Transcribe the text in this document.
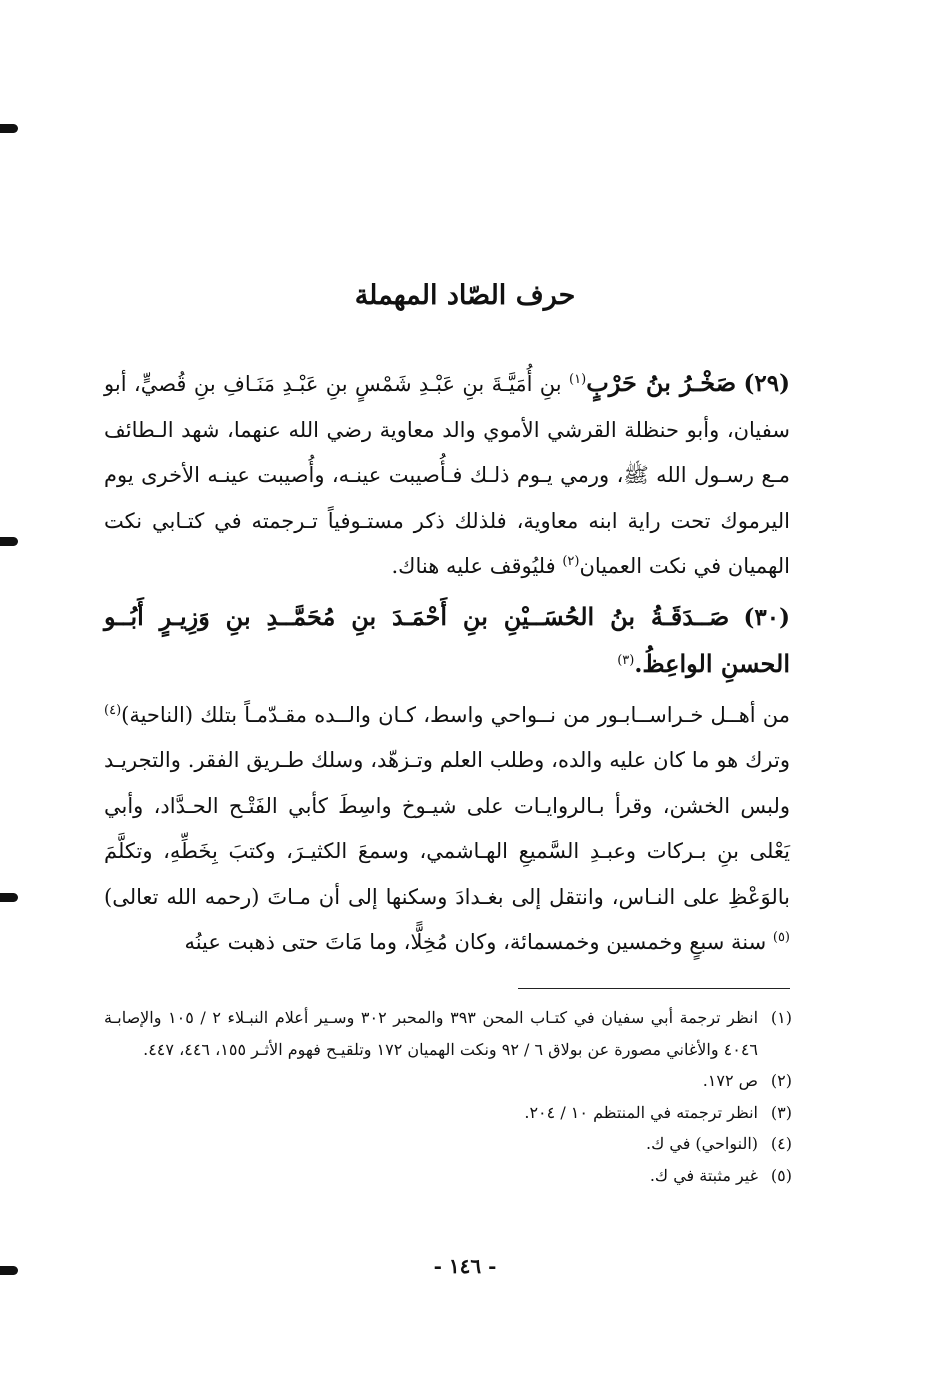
حرف الصّاد المهملة

(٢٩) صَخْـرُ بنُ حَرْبٍ$^{(١)}$ بنِ أُمَيَّـةَ بنِ عَبْـدِ شَمْسٍ بنِ عَبْـدِ مَنَـافِ بنِ قُصيٍّ، أبو سفيان، وأبو حنظلة القرشي الأموي والد معاوية رضي الله عنهما، شهد الـطائف مـع رسـول الله ﷺ، ورمي يـوم ذلـك فـأُصيبت عينـه، وأُصيبت عينـه الأخرى يوم اليرموك تحت راية ابنه معاوية، فلذلك ذكر مستـوفياً تـرجمته في كتـابي نكت الهميان في نكت العميان$^{(٢)}$ فليُوقف عليه هناك.

(٣٠) صَــدَقَـةُ بنُ الحُسَــيْنِ بنِ أَحْمَـدَ بنِ مُحَمَّــدِ بنِ وَزِيـرٍ أَبُــو الحسنِ الواعِظُ.$^{(٣)}$

من أهــل خـراســابـور من نــواحي واسط، كـان والــده مقـدّمـاً بتلك (الناحية)$^{(٤)}$ وترك هو ما كان عليه والده، وطلب العلم وتـزهّد، وسلك طـريق الفقر. والتجريـد ولبس الخشن، وقرأ بـالروايـات على شيـوخ واسِطَ كأبي الفَتْـح الحـدَّاد، وأبي يَعْلى بنِ بـركات وعبـدِ السَّميعِ الهـاشمي، وسمعَ الكثيـرَ، وكتبَ بِخَطِّهِ، وتكلَّمَ بالوَعْظِ على النـاس، وانتقل إلى بغـدادَ وسكنها إلى أن مـاتَ (رحمه الله تعالى)$^{(٥)}$ سنة سبعٍ وخمسين وخمسمائة، وكان مُخِلًّا، وما مَاتَ حتى ذهبت عينُه

(١)
انظر ترجمة أبي سفيان في كتـاب المحن ٣٩٣ والمحبر ٣٠٢ وسـير أعلام النبـلاء ٢ / ١٠٥ والإصابـة ٤٠٤٦ والأغاني مصورة عن بولاق ٦ / ٩٢ ونكت الهميان ١٧٢ وتلقيـح فهوم الأثـر ١٥٥، ٤٤٦، ٤٤٧.

(٢)
ص ١٧٢.

(٣)
انظر ترجمته في المنتظم ١٠ / ٢٠٤.

(٤)
(النواحي) في ك.

(٥)
غير مثبتة في ك.

- ١٤٦ -
